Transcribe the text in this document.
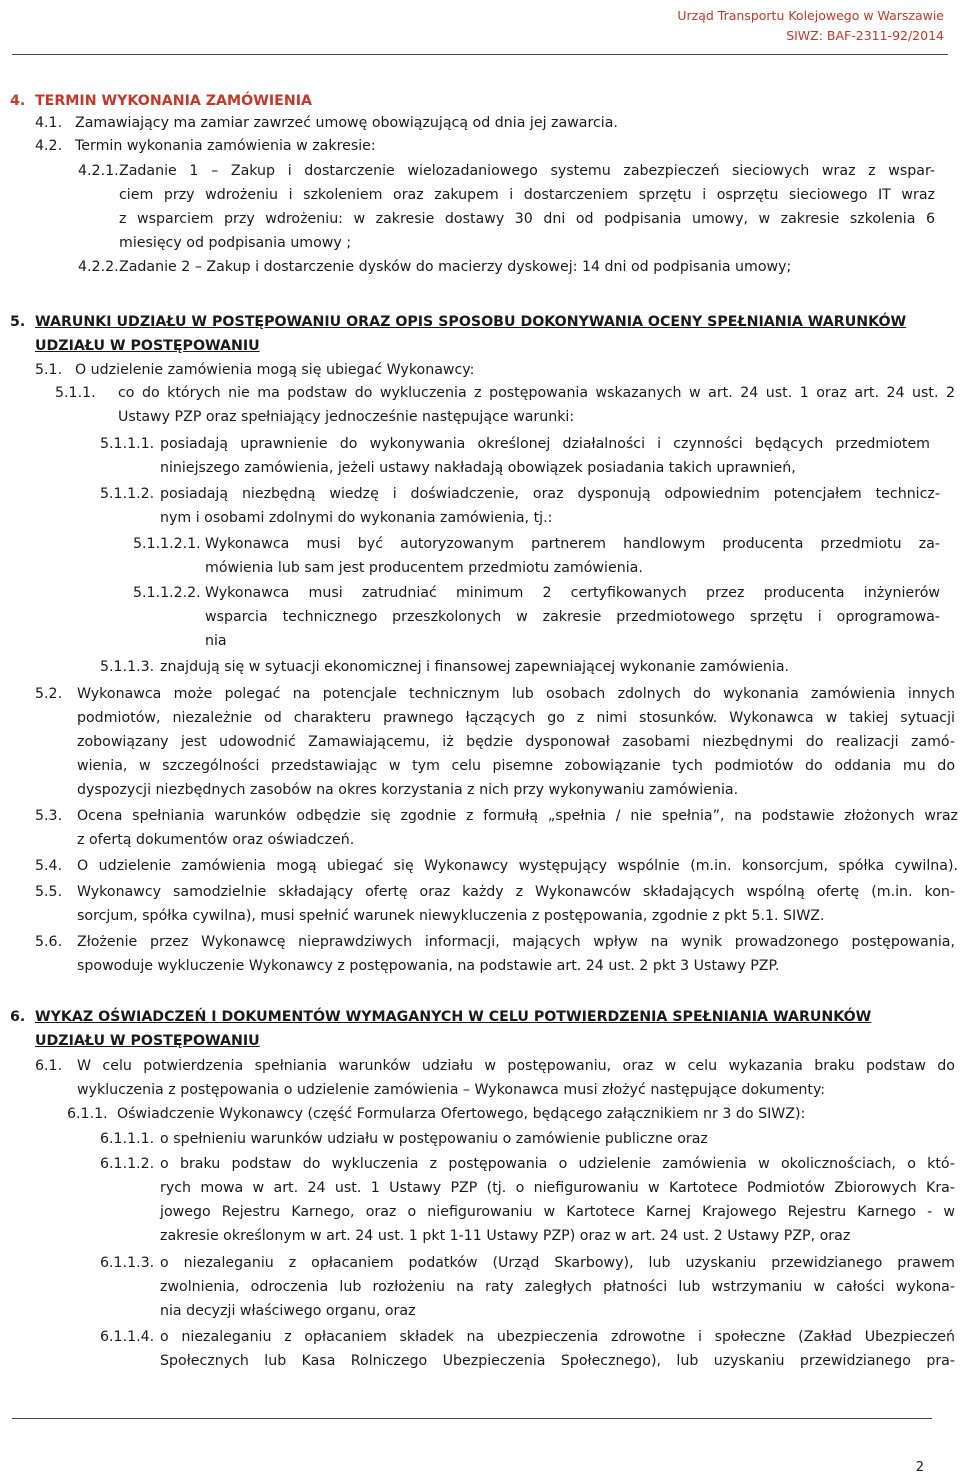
Urząd Transportu Kolejowego w Warszawie
SIWZ: BAF-2311-92/2014
4. TERMIN WYKONANIA ZAMÓWIENIA
4.1. Zamawiający ma zamiar zawrzeć umowę obowiązującą od dnia jej zawarcia.
4.2. Termin wykonania zamówienia w zakresie:
4.2.1. Zadanie 1 – Zakup i dostarczenie wielozadaniowego systemu zabezpieczeń sieciowych wraz z wspar-
ciem przy wdrożeniu i szkoleniem oraz zakupem i dostarczeniem sprzętu i osprzętu sieciowego IT wraz
z wsparciem przy wdrożeniu: w zakresie dostawy 30 dni od podpisania umowy, w zakresie szkolenia 6
miesięcy od podpisania umowy ;
4.2.2. Zadanie 2 – Zakup i dostarczenie dysków do macierzy dyskowej: 14 dni od podpisania umowy;
5. WARUNKI UDZIAŁU W POSTĘPOWANIU ORAZ OPIS SPOSOBU DOKONYWANIA OCENY SPEŁNIANIA WARUNKÓW
UDZIAŁU W POSTĘPOWANIU
5.1. O udzielenie zamówienia mogą się ubiegać Wykonawcy:
5.1.1. co do których nie ma podstaw do wykluczenia z postępowania wskazanych w art. 24 ust. 1 oraz art. 24 ust. 2
Ustawy PZP oraz spełniający jednocześnie następujące warunki:
5.1.1.1. posiadają uprawnienie do wykonywania określonej działalności i czynności będących przedmiotem
niniejszego zamówienia, jeżeli ustawy nakładają obowiązek posiadania takich uprawnień,
5.1.1.2. posiadają niezbędną wiedzę i doświadczenie, oraz dysponują odpowiednim potencjałem technicz-
nym i osobami zdolnymi do wykonania zamówienia, tj.:
5.1.1.2.1. Wykonawca musi być autoryzowanym partnerem handlowym producenta przedmiotu za-
mówienia lub sam jest producentem przedmiotu zamówienia.
5.1.1.2.2. Wykonawca musi zatrudniać minimum 2 certyfikowanych przez producenta inżynierów
wsparcia technicznego przeszkolonych w zakresie przedmiotowego sprzętu i oprogramowa-
nia
5.1.1.3. znajdują się w sytuacji ekonomicznej i finansowej zapewniającej wykonanie zamówienia.
5.2. Wykonawca może polegać na potencjale technicznym lub osobach zdolnych do wykonania zamówienia innych
podmiotów, niezależnie od charakteru prawnego łączących go z nimi stosunków. Wykonawca w takiej sytuacji
zobowiązany jest udowodnić Zamawiającemu, iż będzie dysponował zasobami niezbędnymi do realizacji zamó-
wienia, w szczególności przedstawiając w tym celu pisemne zobowiązanie tych podmiotów do oddania mu do
dyspozycji niezbędnych zasobów na okres korzystania z nich przy wykonywaniu zamówienia.
5.3. Ocena spełniania warunków odbędzie się zgodnie z formułą „spełnia / nie spełnia”, na podstawie złożonych wraz
z ofertą dokumentów oraz oświadczeń.
5.4. O udzielenie zamówienia mogą ubiegać się Wykonawcy występujący wspólnie (m.in. konsorcjum, spółka cywilna).
5.5. Wykonawcy samodzielnie składający ofertę oraz każdy z Wykonawców składających wspólną ofertę (m.in. kon-
sorcjum, spółka cywilna), musi spełnić warunek niewykluczenia z postępowania, zgodnie z pkt 5.1. SIWZ.
5.6. Złożenie przez Wykonawcę nieprawdziwych informacji, mających wpływ na wynik prowadzonego postępowania,
spowoduje wykluczenie Wykonawcy z postępowania, na podstawie art. 24 ust. 2 pkt 3 Ustawy PZP.
6. WYKAZ OŚWIADCZEŃ I DOKUMENTÓW WYMAGANYCH W CELU POTWIERDZENIA SPEŁNIANIA WARUNKÓW
UDZIAŁU W POSTĘPOWANIU
6.1. W celu potwierdzenia spełniania warunków udziału w postępowaniu, oraz w celu wykazania braku podstaw do
wykluczenia z postępowania o udzielenie zamówienia – Wykonawca musi złożyć następujące dokumenty:
6.1.1. Oświadczenie Wykonawcy (część Formularza Ofertowego, będącego załącznikiem nr 3 do SIWZ):
6.1.1.1. o spełnieniu warunków udziału w postępowaniu o zamówienie publiczne oraz
6.1.1.2. o braku podstaw do wykluczenia z postępowania o udzielenie zamówienia w okolicznościach, o któ-
rych mowa w art. 24 ust. 1 Ustawy PZP (tj. o niefigurowaniu w Kartotece Podmiotów Zbiorowych Kra-
jowego Rejestru Karnego, oraz o niefigurowaniu w Kartotece Karnej Krajowego Rejestru Karnego - w
zakresie określonym w art. 24 ust. 1 pkt 1-11 Ustawy PZP) oraz w art. 24 ust. 2 Ustawy PZP, oraz
6.1.1.3. o niezaleganiu z opłacaniem podatków (Urząd Skarbowy), lub uzyskaniu przewidzianego prawem
zwolnienia, odroczenia lub rozłożeniu na raty zaległych płatności lub wstrzymaniu w całości wykona-
nia decyzji właściwego organu, oraz
6.1.1.4. o niezaleganiu z opłacaniem składek na ubezpieczenia zdrowotne i społeczne (Zakład Ubezpieczeń
Społecznych lub Kasa Rolniczego Ubezpieczenia Społecznego), lub uzyskaniu przewidzianego pra-
2
